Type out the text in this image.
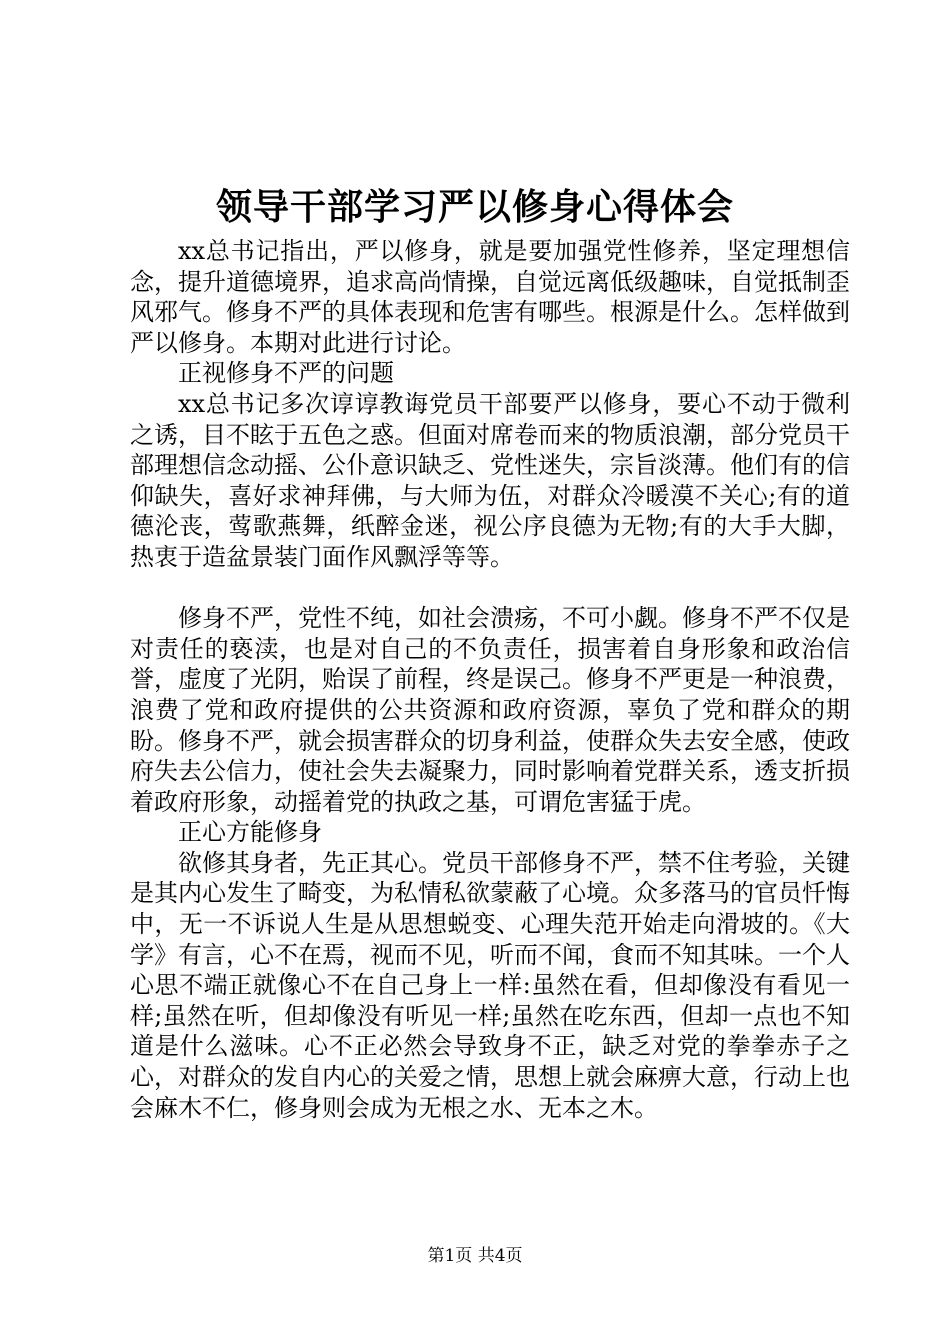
领导干部学习严以修身心得体会

xx总书记指出，严以修身，就是要加强党性修养，坚定理想信念，提升道德境界，追求高尚情操，自觉远离低级趣味，自觉抵制歪风邪气。修身不严的具体表现和危害有哪些。根源是什么。怎样做到严以修身。本期对此进行讨论。

正视修身不严的问题

xx总书记多次谆谆教诲党员干部要严以修身，要心不动于微利之诱，目不眩于五色之惑。但面对席卷而来的物质浪潮，部分党员干部理想信念动摇、公仆意识缺乏、党性迷失，宗旨淡薄。他们有的信仰缺失，喜好求神拜佛，与大师为伍，对群众冷暖漠不关心;有的道德沦丧，莺歌燕舞，纸醉金迷，视公序良德为无物;有的大手大脚，热衷于造盆景装门面作风飘浮等等。

修身不严，党性不纯，如社会溃疡，不可小觑。修身不严不仅是对责任的亵渎，也是对自己的不负责任，损害着自身形象和政治信誉，虚度了光阴，贻误了前程，终是误己。修身不严更是一种浪费，浪费了党和政府提供的公共资源和政府资源，辜负了党和群众的期盼。修身不严，就会损害群众的切身利益，使群众失去安全感，使政府失去公信力，使社会失去凝聚力，同时影响着党群关系，透支折损着政府形象，动摇着党的执政之基，可谓危害猛于虎。

正心方能修身

欲修其身者，先正其心。党员干部修身不严，禁不住考验，关键是其内心发生了畸变，为私情私欲蒙蔽了心境。众多落马的官员忏悔中，无一不诉说人生是从思想蜕变、心理失范开始走向滑坡的。《大学》有言，心不在焉，视而不见，听而不闻，食而不知其味。一个人心思不端正就像心不在自己身上一样:虽然在看，但却像没有看见一样;虽然在听，但却像没有听见一样;虽然在吃东西，但却一点也不知道是什么滋味。心不正必然会导致身不正，缺乏对党的拳拳赤子之心，对群众的发自内心的关爱之情，思想上就会麻痹大意，行动上也会麻木不仁，修身则会成为无根之水、无本之木。

第1页 共4页
